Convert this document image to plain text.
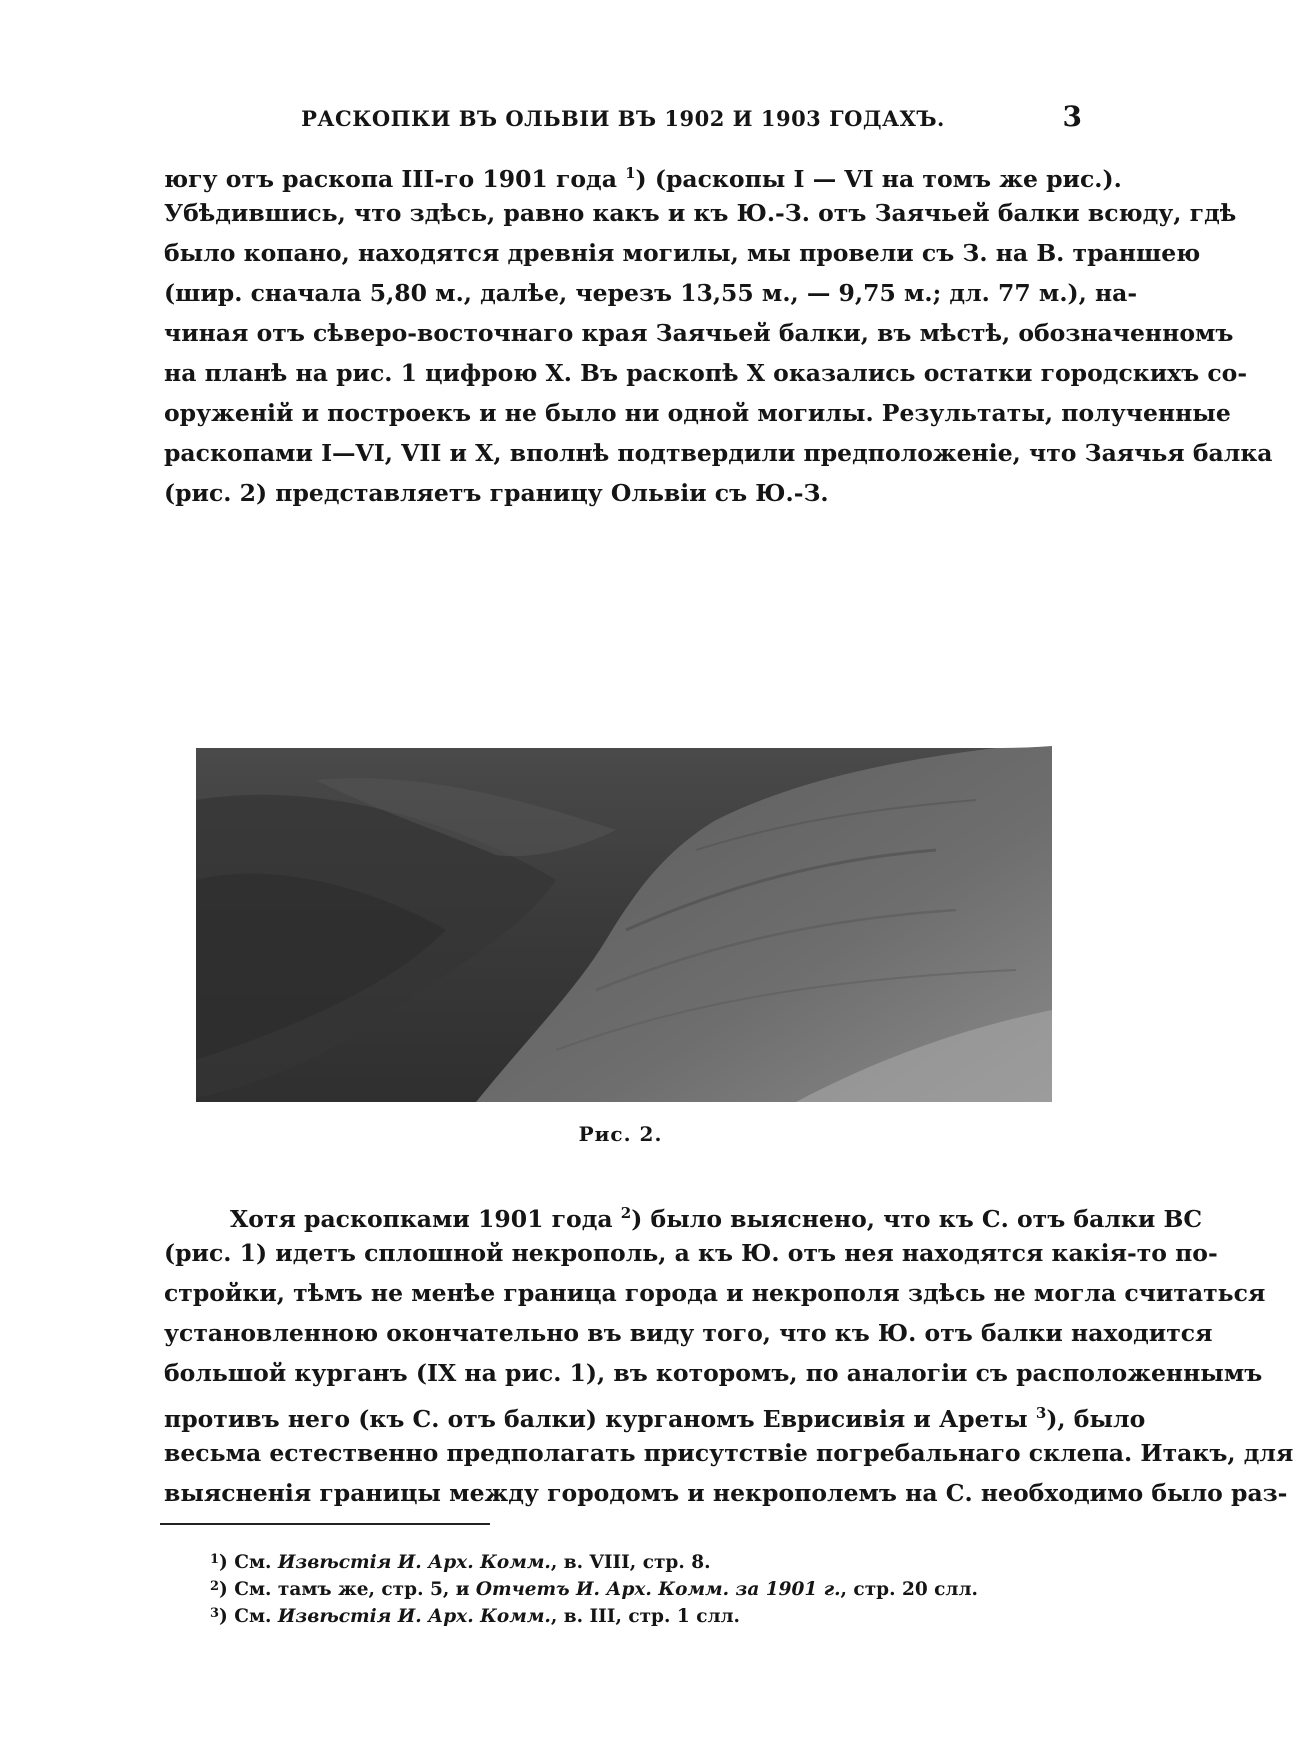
РАСКОПКИ ВЪ ОЛЬВІИ ВЪ 1902 И 1903 ГОДАХЪ.	3
югу отъ раскопа III-го 1901 года $^1$) (раскопы I — VI на томъ же рис.).
Убѣдившись, что здѣсь, равно какъ и къ Ю.-З. отъ Заячьей балки всюду, гдѣ
было копано, находятся древнія могилы, мы провели съ З. на В. траншею
(шир. сначала 5,80 м., далѣе, черезъ 13,55 м., — 9,75 м.; дл. 77 м.), на-
чиная отъ сѣверо-восточнаго края Заячьей балки, въ мѣстѣ, обозначенномъ
на планѣ на рис. 1 цифрою X. Въ раскопѣ X оказались остатки городскихъ со-
оруженій и построекъ и не было ни одной могилы. Результаты, полученные
раскопами I—VI, VII и X, вполнѣ подтвердили предположеніе, что Заячья балка
(рис. 2) представляетъ границу Ольвіи съ Ю.-З.
Рис. 2.
Хотя раскопками 1901 года $^2$) было выяснено, что къ С. отъ балки ВС
(рис. 1) идетъ сплошной некрополь, а къ Ю. отъ нея находятся какія-то по-
стройки, тѣмъ не менѣе граница города и некрополя здѣсь не могла считаться
установленною окончательно въ виду того, что къ Ю. отъ балки находится
большой курганъ (IX на рис. 1), въ которомъ, по аналогіи съ расположеннымъ
противъ него (къ С. отъ балки) курганомъ Еврисивія и Ареты $^3$), было
весьма естественно предполагать присутствіе погребальнаго склепа. Итакъ, для
выясненія границы между городомъ и некрополемъ на С. необходимо было раз-
$^1$) См. Извѣстія И. Арх. Комм., в. VIII, стр. 8.
$^2$) См. тамъ же, стр. 5, и Отчетъ И. Арх. Комм. за 1901 г., стр. 20 слл.
$^3$) См. Извѣстія И. Арх. Комм., в. III, стр. 1 слл.
